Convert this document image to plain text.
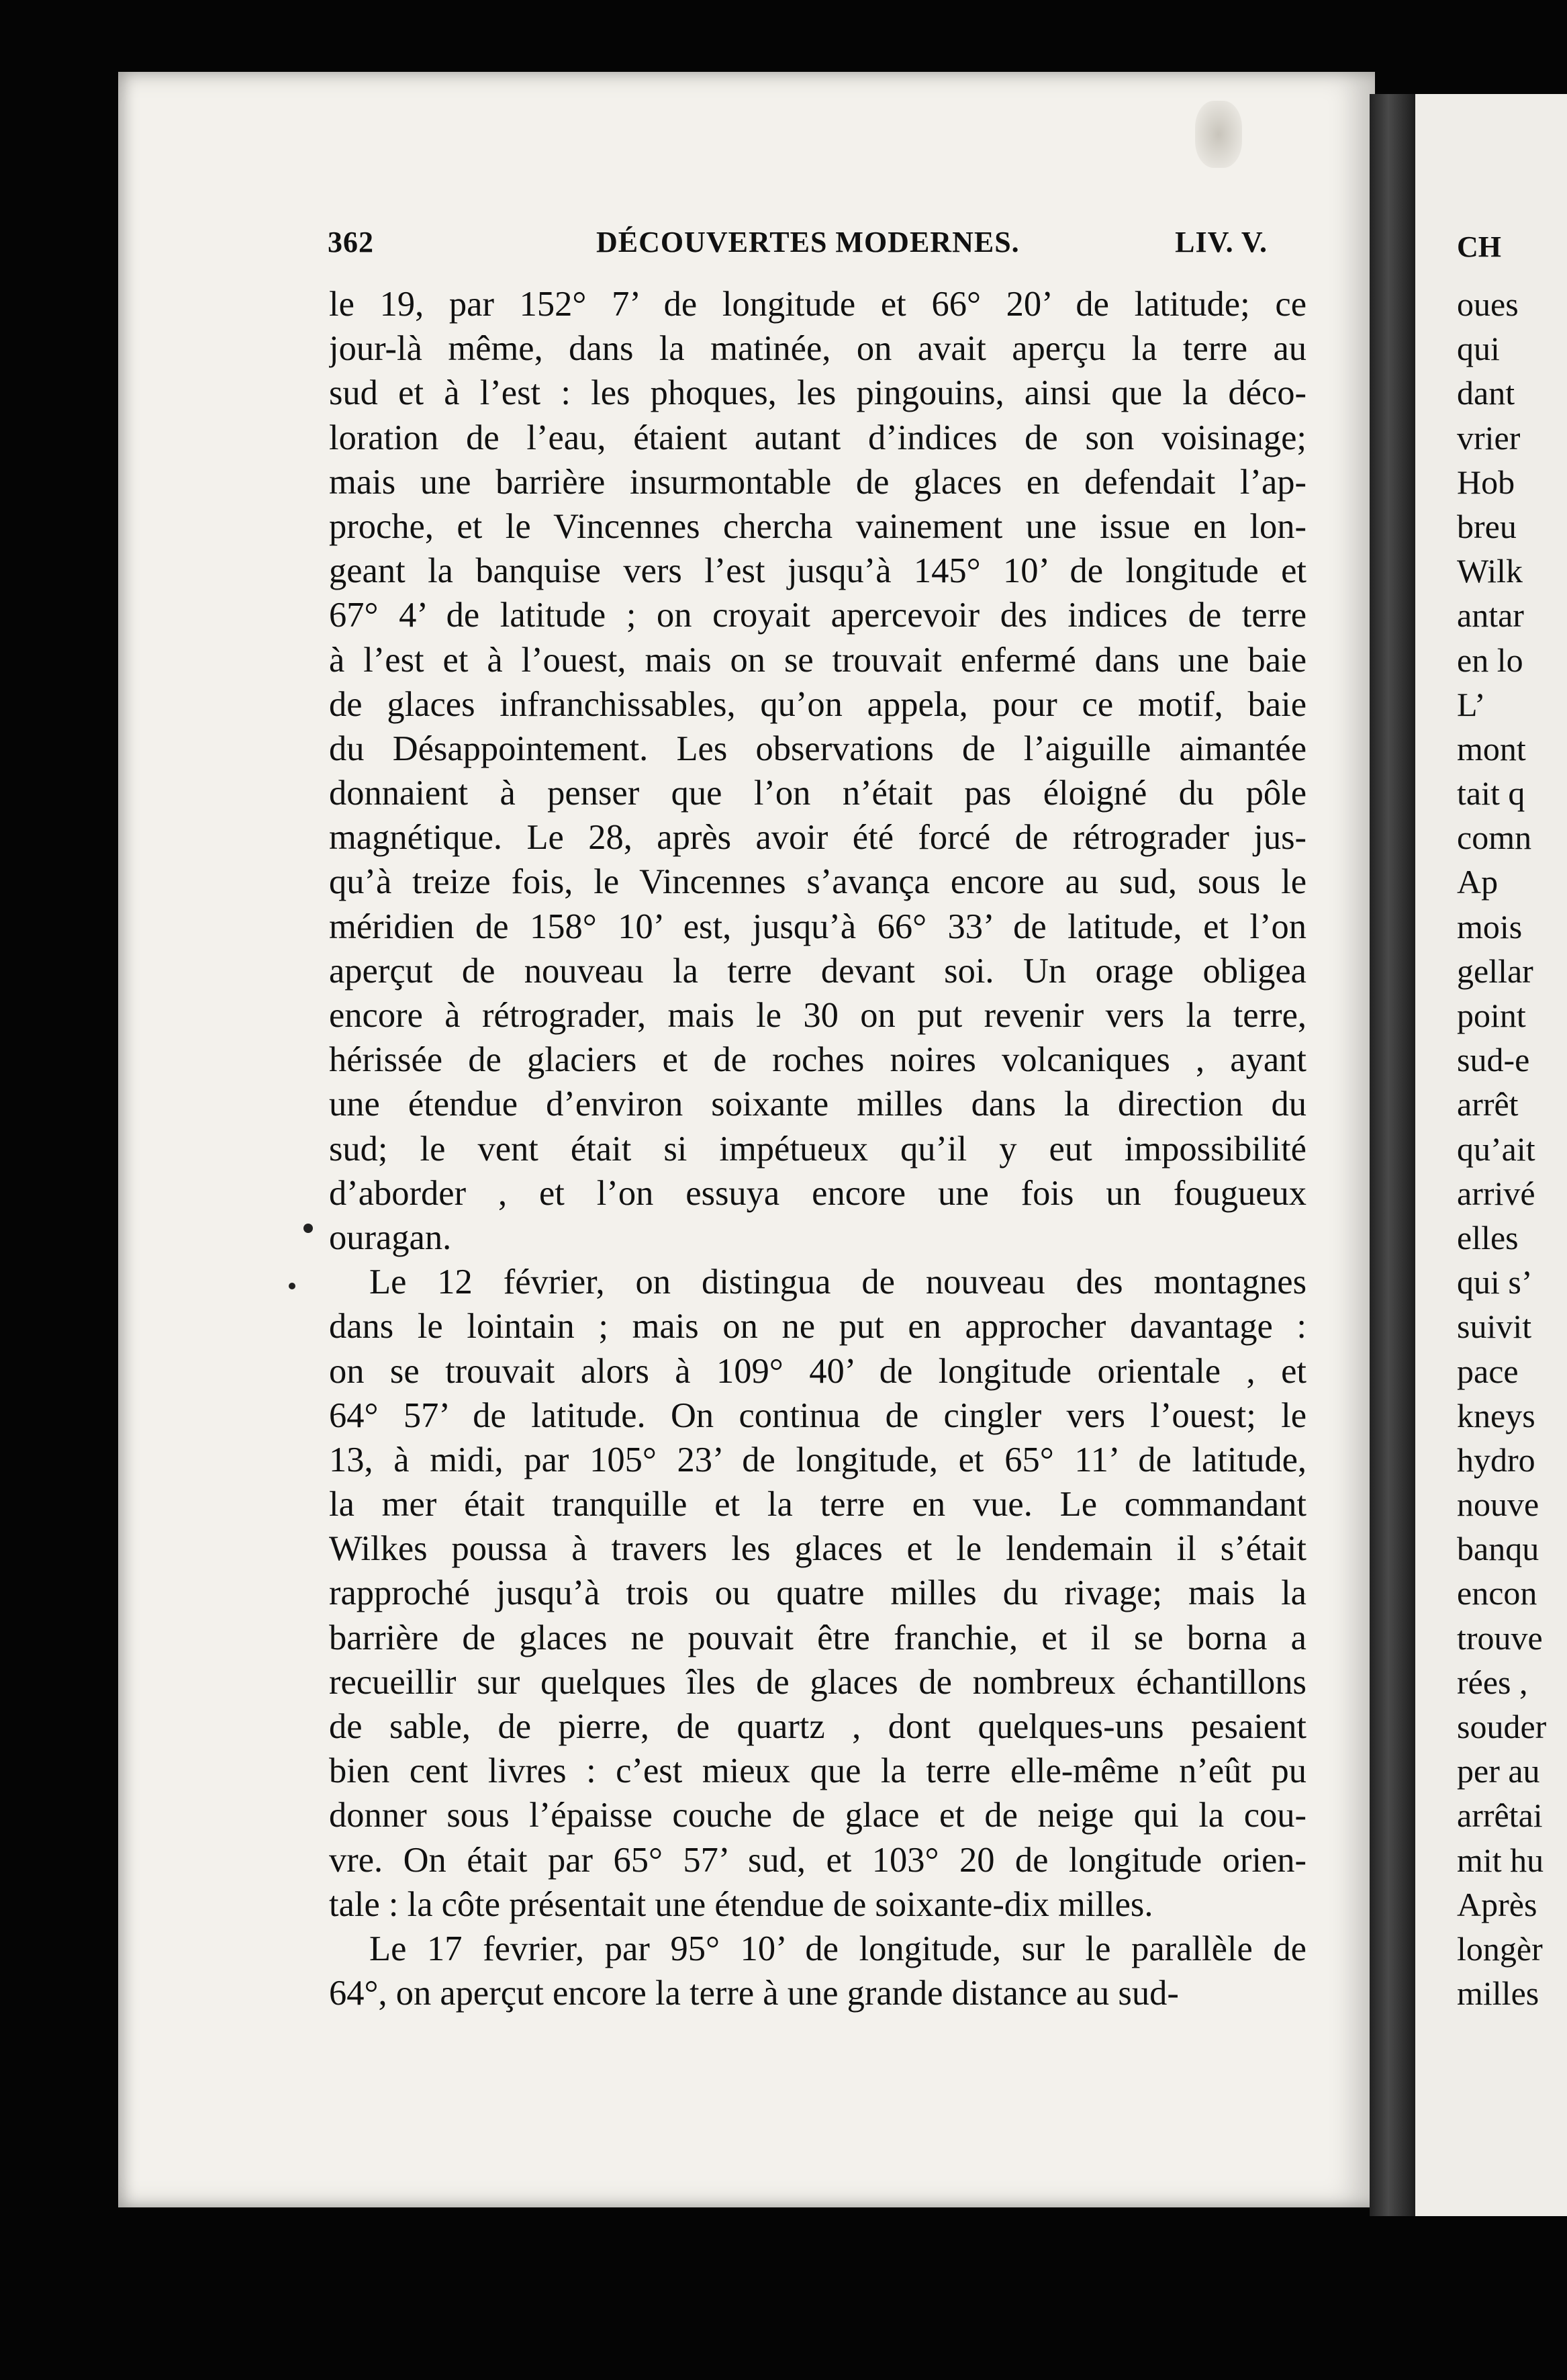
362	DÉCOUVERTES MODERNES.	LIV. V.
le 19, par 152° 7’ de longitude et 66° 20’ de latitude; ce
jour-là même, dans la matinée, on avait aperçu la terre au
sud et à l’est : les phoques, les pingouins, ainsi que la déco-
loration de l’eau, étaient autant d’indices de son voisinage;
mais une barrière insurmontable de glaces en defendait l’ap-
proche, et le Vincennes chercha vainement une issue en lon-
geant la banquise vers l’est jusqu’à 145° 10’ de longitude et
67° 4’ de latitude ; on croyait apercevoir des indices de terre
à l’est et à l’ouest, mais on se trouvait enfermé dans une baie
de glaces infranchissables, qu’on appela, pour ce motif, baie
du Désappointement. Les observations de l’aiguille aimantée
donnaient à penser que l’on n’était pas éloigné du pôle
magnétique. Le 28, après avoir été forcé de rétrograder jus-
qu’à treize fois, le Vincennes s’avança encore au sud, sous le
méridien de 158° 10’ est, jusqu’à 66° 33’ de latitude, et l’on
aperçut de nouveau la terre devant soi. Un orage obligea
encore à rétrograder, mais le 30 on put revenir vers la terre,
hérissée de glaciers et de roches noires volcaniques , ayant
une étendue d’environ soixante milles dans la direction du
sud; le vent était si impétueux qu’il y eut impossibilité
d’aborder , et l’on essuya encore une fois un fougueux
ouragan.
Le 12 février, on distingua de nouveau des montagnes
dans le lointain ; mais on ne put en approcher davantage :
on se trouvait alors à 109° 40’ de longitude orientale , et
64° 57’ de latitude. On continua de cingler vers l’ouest; le
13, à midi, par 105° 23’ de longitude, et 65° 11’ de latitude,
la mer était tranquille et la terre en vue. Le commandant
Wilkes poussa à travers les glaces et le lendemain il s’était
rapproché jusqu’à trois ou quatre milles du rivage; mais la
barrière de glaces ne pouvait être franchie, et il se borna a
recueillir sur quelques îles de glaces de nombreux échantillons
de sable, de pierre, de quartz , dont quelques-uns pesaient
bien cent livres : c’est mieux que la terre elle-même n’eût pu
donner sous l’épaisse couche de glace et de neige qui la cou-
vre. On était par 65° 57’ sud, et 103° 20 de longitude orien-
tale : la côte présentait une étendue de soixante-dix milles.
Le 17 fevrier, par 95° 10’ de longitude, sur le parallèle de
64°, on aperçut encore la terre à une grande distance au sud-
CH
oues
qui
dant
vrier
Hob
breu
Wilk
antar
en lo
L’
mont
tait q
comn
Ap
mois
gellar
point
sud-e
arrêt
qu’ait
arrivé
elles
qui s’
suivit
pace
kneys
hydro
nouve
banqu
encon
trouve
rées ,
souder
per au
arrêtai
mit hu
Après
longèr
milles
